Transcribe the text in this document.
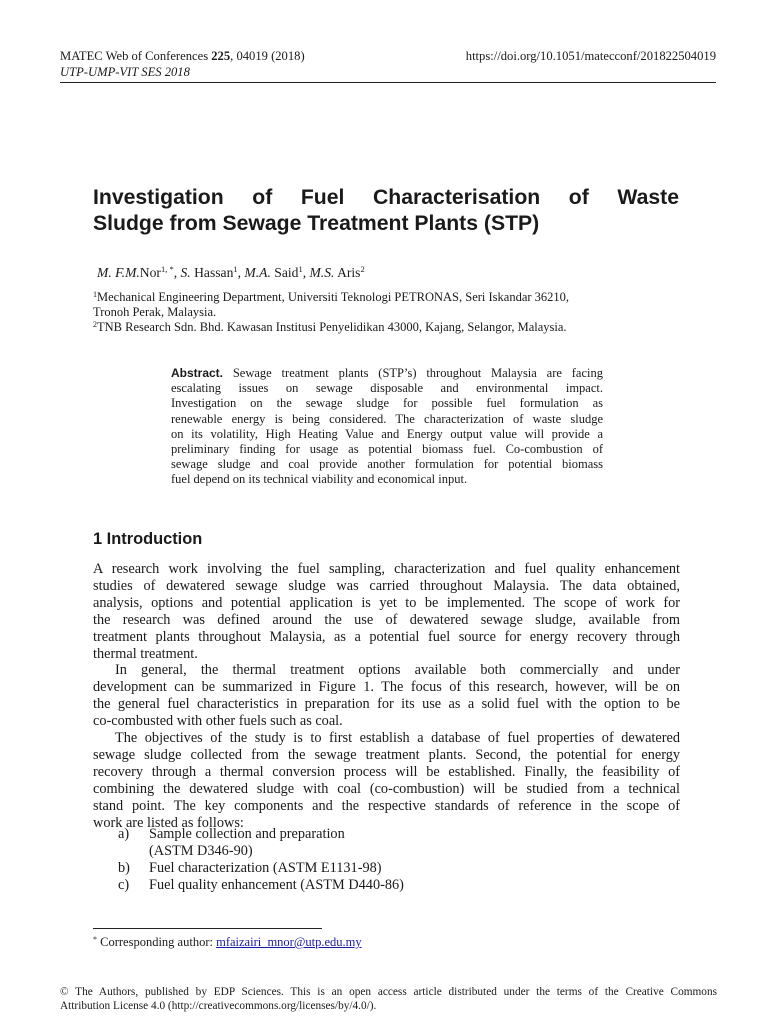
MATEC Web of Conferences 225, 04019 (2018)	https://doi.org/10.1051/matecconf/201822504019
UTP-UMP-VIT SES 2018
Investigation of Fuel Characterisation of Waste
Sludge from Sewage Treatment Plants (STP)
M. F.M.Nor$^{1, *}$, S. Hassan$^1$, M.A. Said$^1$, M.S. Aris$^2$
$^1$Mechanical Engineering Department, Universiti Teknologi PETRONAS, Seri Iskandar 36210,
Tronoh Perak, Malaysia.
$^2$TNB Research Sdn. Bhd. Kawasan Institusi Penyelidikan 43000, Kajang, Selangor, Malaysia.
Abstract. Sewage treatment plants (STP’s) throughout Malaysia are facing
escalating issues on sewage disposable and environmental impact.
Investigation on the sewage sludge for possible fuel formulation as
renewable energy is being considered. The characterization of waste sludge
on its volatility, High Heating Value and Energy output value will provide a
preliminary finding for usage as potential biomass fuel. Co-combustion of
sewage sludge and coal provide another formulation for potential biomass
fuel depend on its technical viability and economical input.
1 Introduction
A research work involving the fuel sampling, characterization and fuel quality enhancement
studies of dewatered sewage sludge was carried throughout Malaysia. The data obtained,
analysis, options and potential application is yet to be implemented. The scope of work for
the research was defined around the use of dewatered sewage sludge, available from
treatment plants throughout Malaysia, as a potential fuel source for energy recovery through
thermal treatment.
In general, the thermal treatment options available both commercially and under
development can be summarized in Figure 1. The focus of this research, however, will be on
the general fuel characteristics in preparation for its use as a solid fuel with the option to be
co-combusted with other fuels such as coal.
The objectives of the study is to first establish a database of fuel properties of dewatered
sewage sludge collected from the sewage treatment plants. Second, the potential for energy
recovery through a thermal conversion process will be established. Finally, the feasibility of
combining the dewatered sludge with coal (co-combustion) will be studied from a technical
stand point. The key components and the respective standards of reference in the scope of
work are listed as follows:
a) Sample collection and preparation
(ASTM D346-90)
b) Fuel characterization (ASTM E1131-98)
c) Fuel quality enhancement (ASTM D440-86)
* Corresponding author: mfaizairi_mnor@utp.edu.my
© The Authors, published by EDP Sciences. This is an open access article distributed under the terms of the Creative Commons
Attribution License 4.0 (http://creativecommons.org/licenses/by/4.0/).
